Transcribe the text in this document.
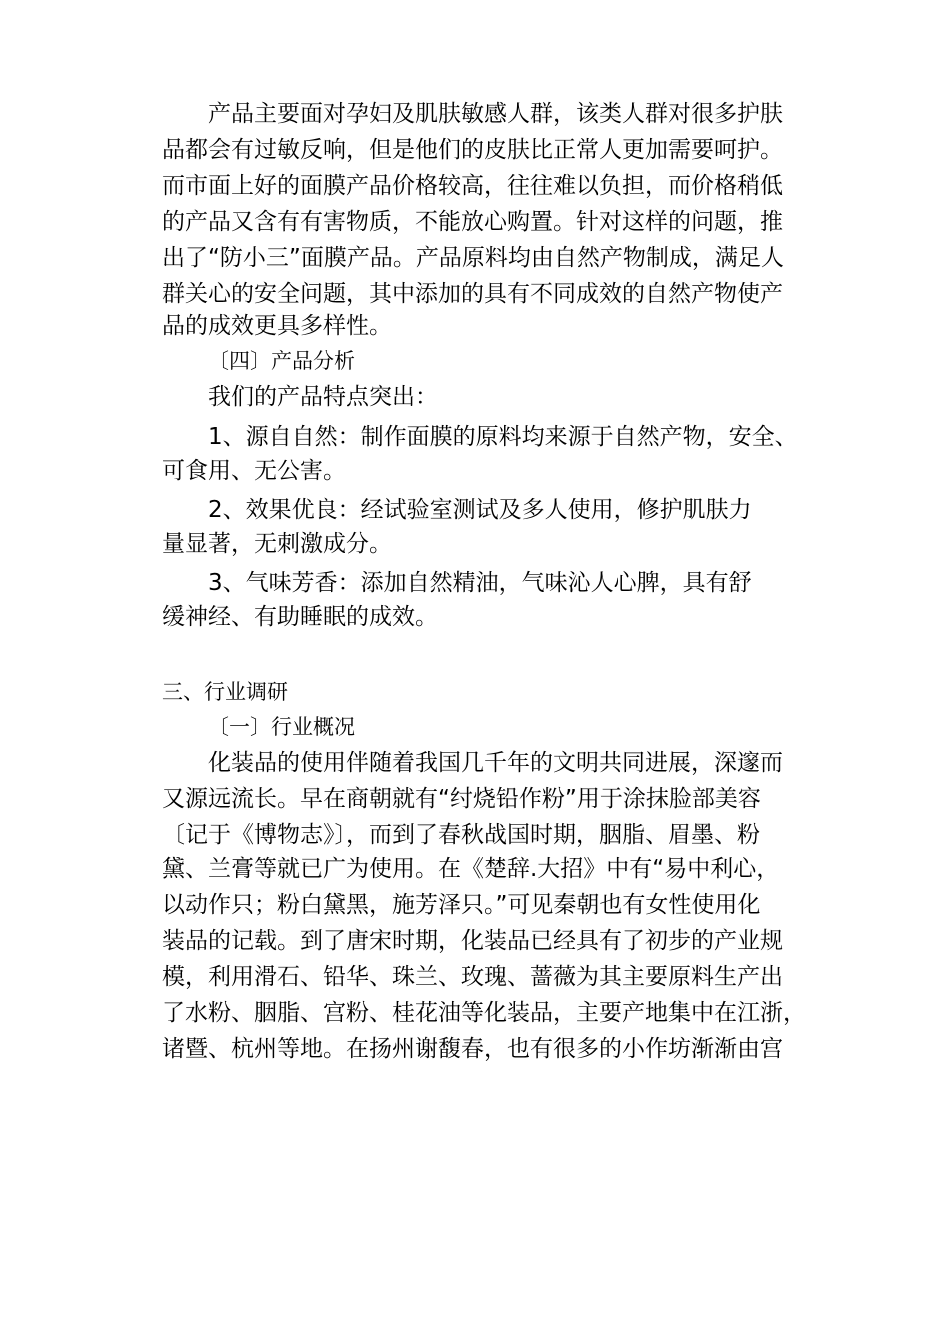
产品主要面对孕妇及肌肤敏感人群，该类人群对很多护肤
品都会有过敏反响，但是他们的皮肤比正常人更加需要呵护。
而市面上好的面膜产品价格较高，往往难以负担，而价格稍低
的产品又含有有害物质，不能放心购置。针对这样的问题，推
出了“防小三”面膜产品。产品原料均由自然产物制成，满足人
群关心的安全问题，其中添加的具有不同成效的自然产物使产
品的成效更具多样性。
〔四〕产品分析
我们的产品特点突出：
1、源自自然：制作面膜的原料均来源于自然产物，安全、
可食用、无公害。
2、效果优良：经试验室测试及多人使用，修护肌肤力
量显著，无刺激成分。
3、气味芳香：添加自然精油，气味沁人心脾，具有舒
缓神经、有助睡眠的成效。
三、行业调研
〔一〕行业概况
化装品的使用伴随着我国几千年的文明共同进展，深邃而
又源远流长。早在商朝就有“纣烧铅作粉”用于涂抹脸部美容
〔记于《博物志》〕，而到了春秋战国时期，胭脂、眉墨、粉
黛、兰膏等就已广为使用。在《楚辞.大招》中有“易中利心，
以动作只；粉白黛黑，施芳泽只。”可见秦朝也有女性使用化
装品的记载。到了唐宋时期，化装品已经具有了初步的产业规
模，利用滑石、铅华、珠兰、玫瑰、蔷薇为其主要原料生产出
了水粉、胭脂、宫粉、桂花油等化装品，主要产地集中在江浙，
诸暨、杭州等地。在扬州谢馥春，也有很多的小作坊渐渐由宫
